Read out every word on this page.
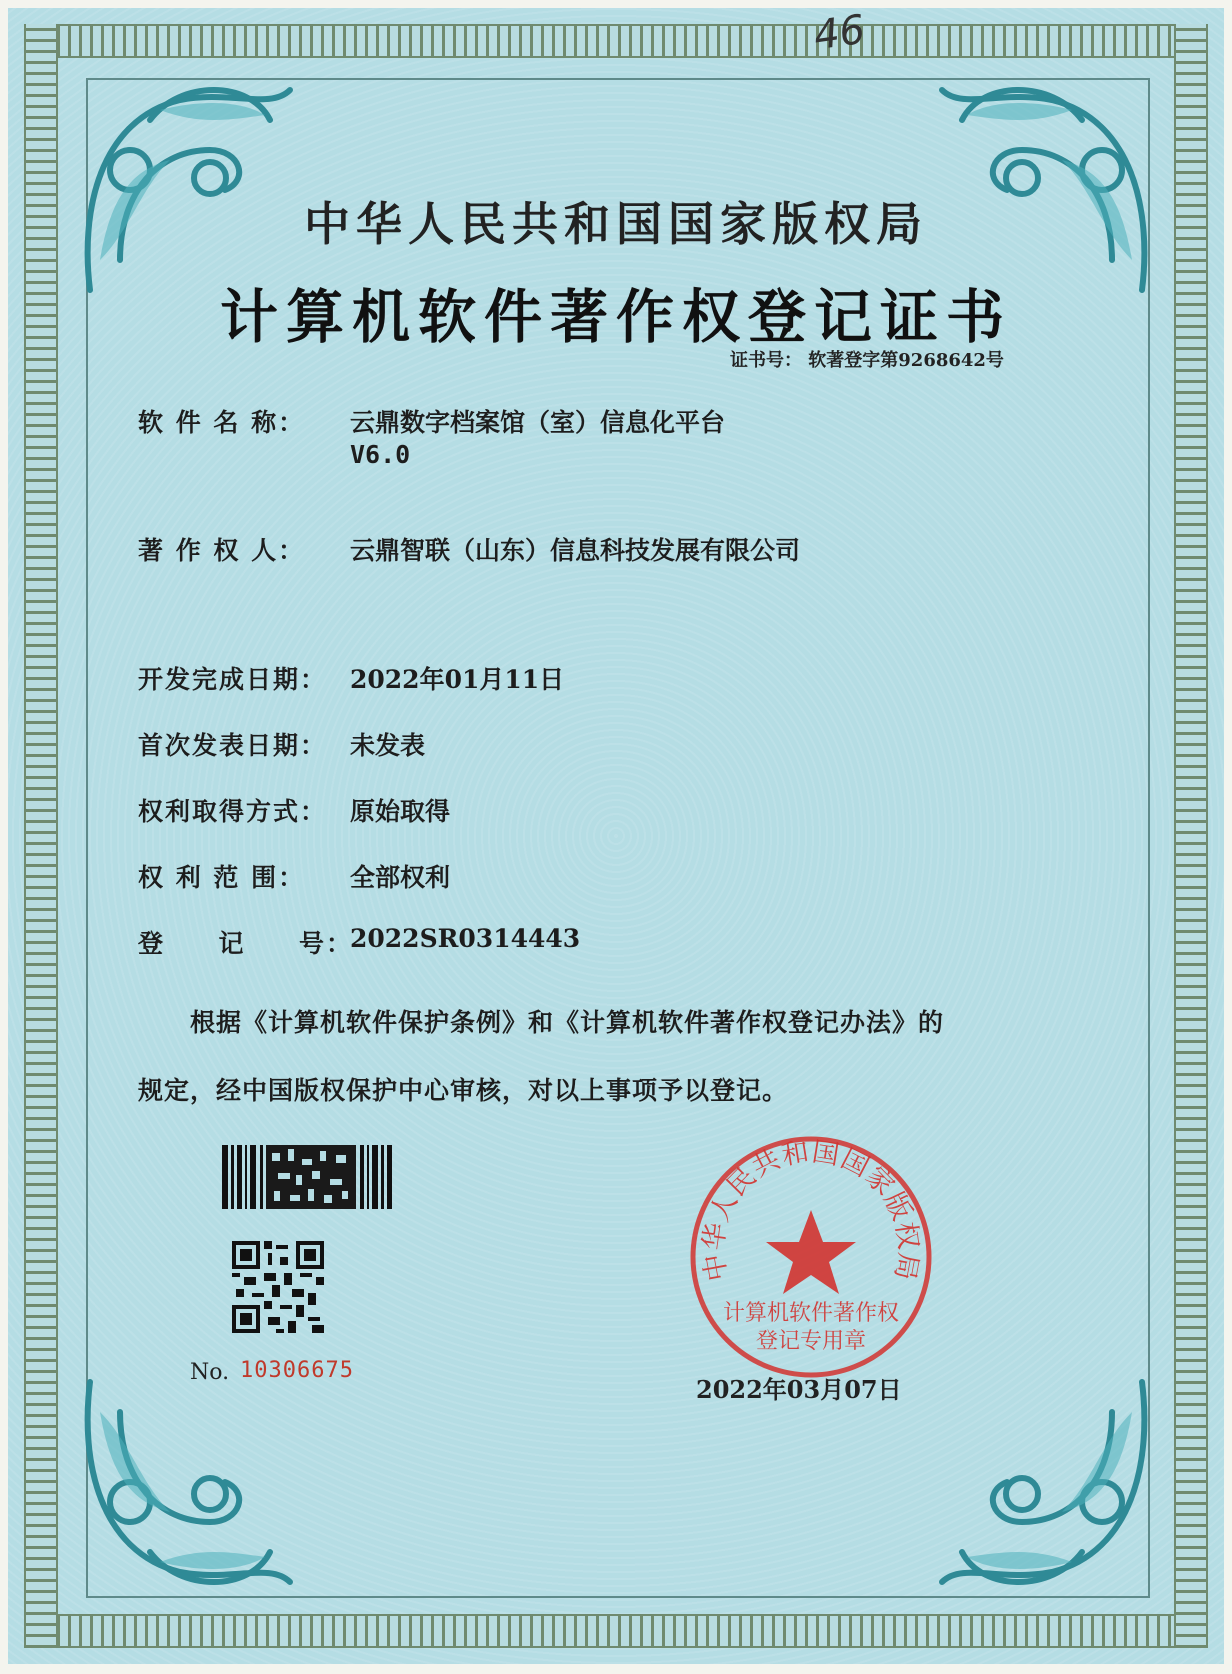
46
中华人民共和国国家版权局
计算机软件著作权登记证书
证书号： 软著登字第9268642号
软 件 名 称： 云鼎数字档案馆（室）信息化平台
V6.0
著 作 权 人： 云鼎智联（山东）信息科技发展有限公司
开发完成日期： 2022年01月11日
首次发表日期： 未发表
权利取得方式： 原始取得
权 利 范 围： 全部权利
登     记     号：
2022SR0314443
根据《计算机软件保护条例》和《计算机软件著作权登记办法》的
规定，经中国版权保护中心审核，对以上事项予以登记。
No. 10306675
中华人民共和国国家版权局
计算机软件著作权
登记专用章
2022年03月07日
